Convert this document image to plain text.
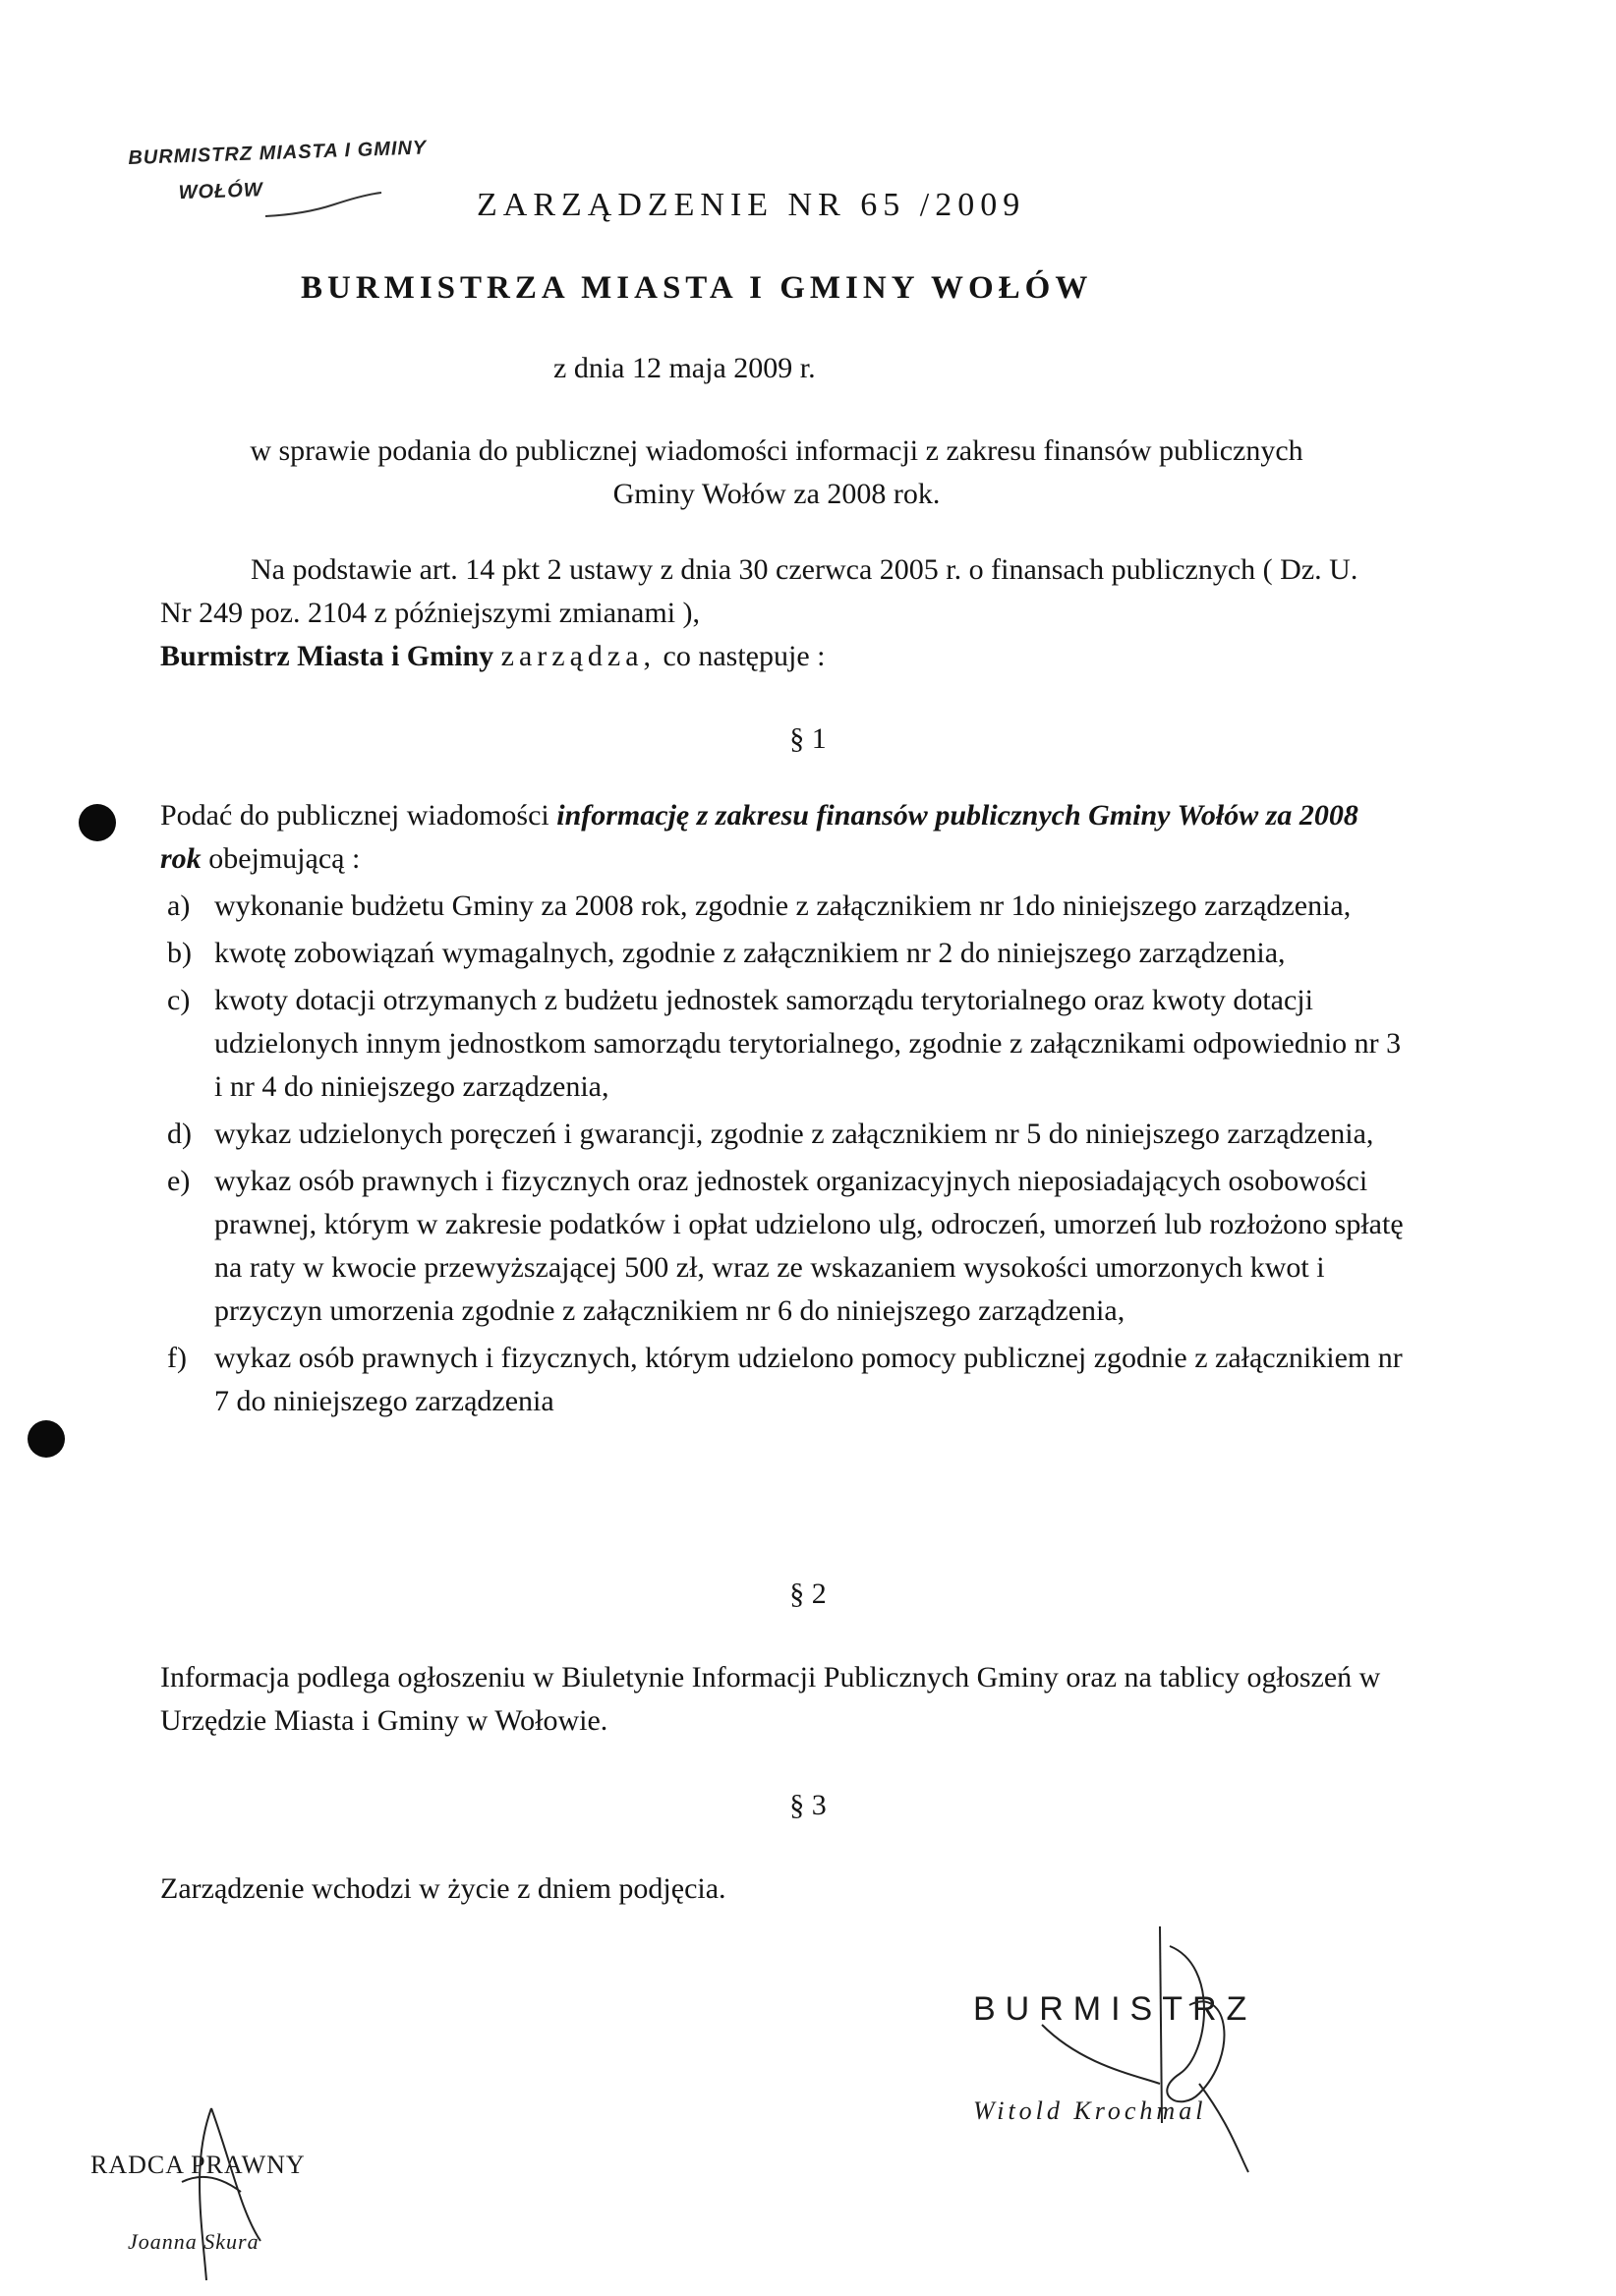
BURMISTRZ MIASTA I GMINY
WOŁÓW	ZARZĄDZENIE NR 65 /2009
BURMISTRZA MIASTA I GMINY WOŁÓW
z dnia 12 maja 2009 r.
w sprawie podania do publicznej wiadomości informacji z zakresu finansów publicznych Gminy Wołów za 2008 rok.
Na podstawie art. 14 pkt 2 ustawy z dnia 30 czerwca 2005 r. o finansach publicznych ( Dz. U. Nr 249 poz. 2104 z późniejszymi zmianami ),
Burmistrz Miasta i Gminy zarządza, co następuje :
§ 1
Podać do publicznej wiadomości informację z zakresu finansów publicznych Gminy Wołów za 2008 rok obejmującą :
a) wykonanie budżetu Gminy za 2008 rok, zgodnie z załącznikiem nr 1do niniejszego zarządzenia,
b) kwotę zobowiązań wymagalnych, zgodnie z załącznikiem nr 2 do niniejszego zarządzenia,
c) kwoty dotacji otrzymanych z budżetu jednostek samorządu terytorialnego oraz kwoty dotacji udzielonych innym jednostkom samorządu terytorialnego, zgodnie z załącznikami odpowiednio nr 3 i nr 4 do niniejszego zarządzenia,
d) wykaz udzielonych poręczeń i gwarancji, zgodnie z załącznikiem nr 5 do niniejszego zarządzenia,
e) wykaz osób prawnych i fizycznych oraz jednostek organizacyjnych nieposiadających osobowości prawnej, którym w zakresie podatków i opłat udzielono ulg, odroczeń, umorzeń lub rozłożono spłatę na raty w kwocie przewyższającej 500 zł, wraz ze wskazaniem wysokości umorzonych kwot i przyczyn umorzenia zgodnie z załącznikiem nr 6 do niniejszego zarządzenia,
f) wykaz osób prawnych i fizycznych, którym udzielono pomocy publicznej zgodnie z załącznikiem nr 7 do niniejszego zarządzenia
§ 2
Informacja podlega ogłoszeniu w Biuletynie Informacji Publicznych Gminy oraz na tablicy ogłoszeń w Urzędzie Miasta i Gminy w Wołowie.
§ 3
Zarządzenie wchodzi w życie z dniem podjęcia.
BURMISTRZ
Witold Krochmal
RADCA PRAWNY
Joanna Skura
